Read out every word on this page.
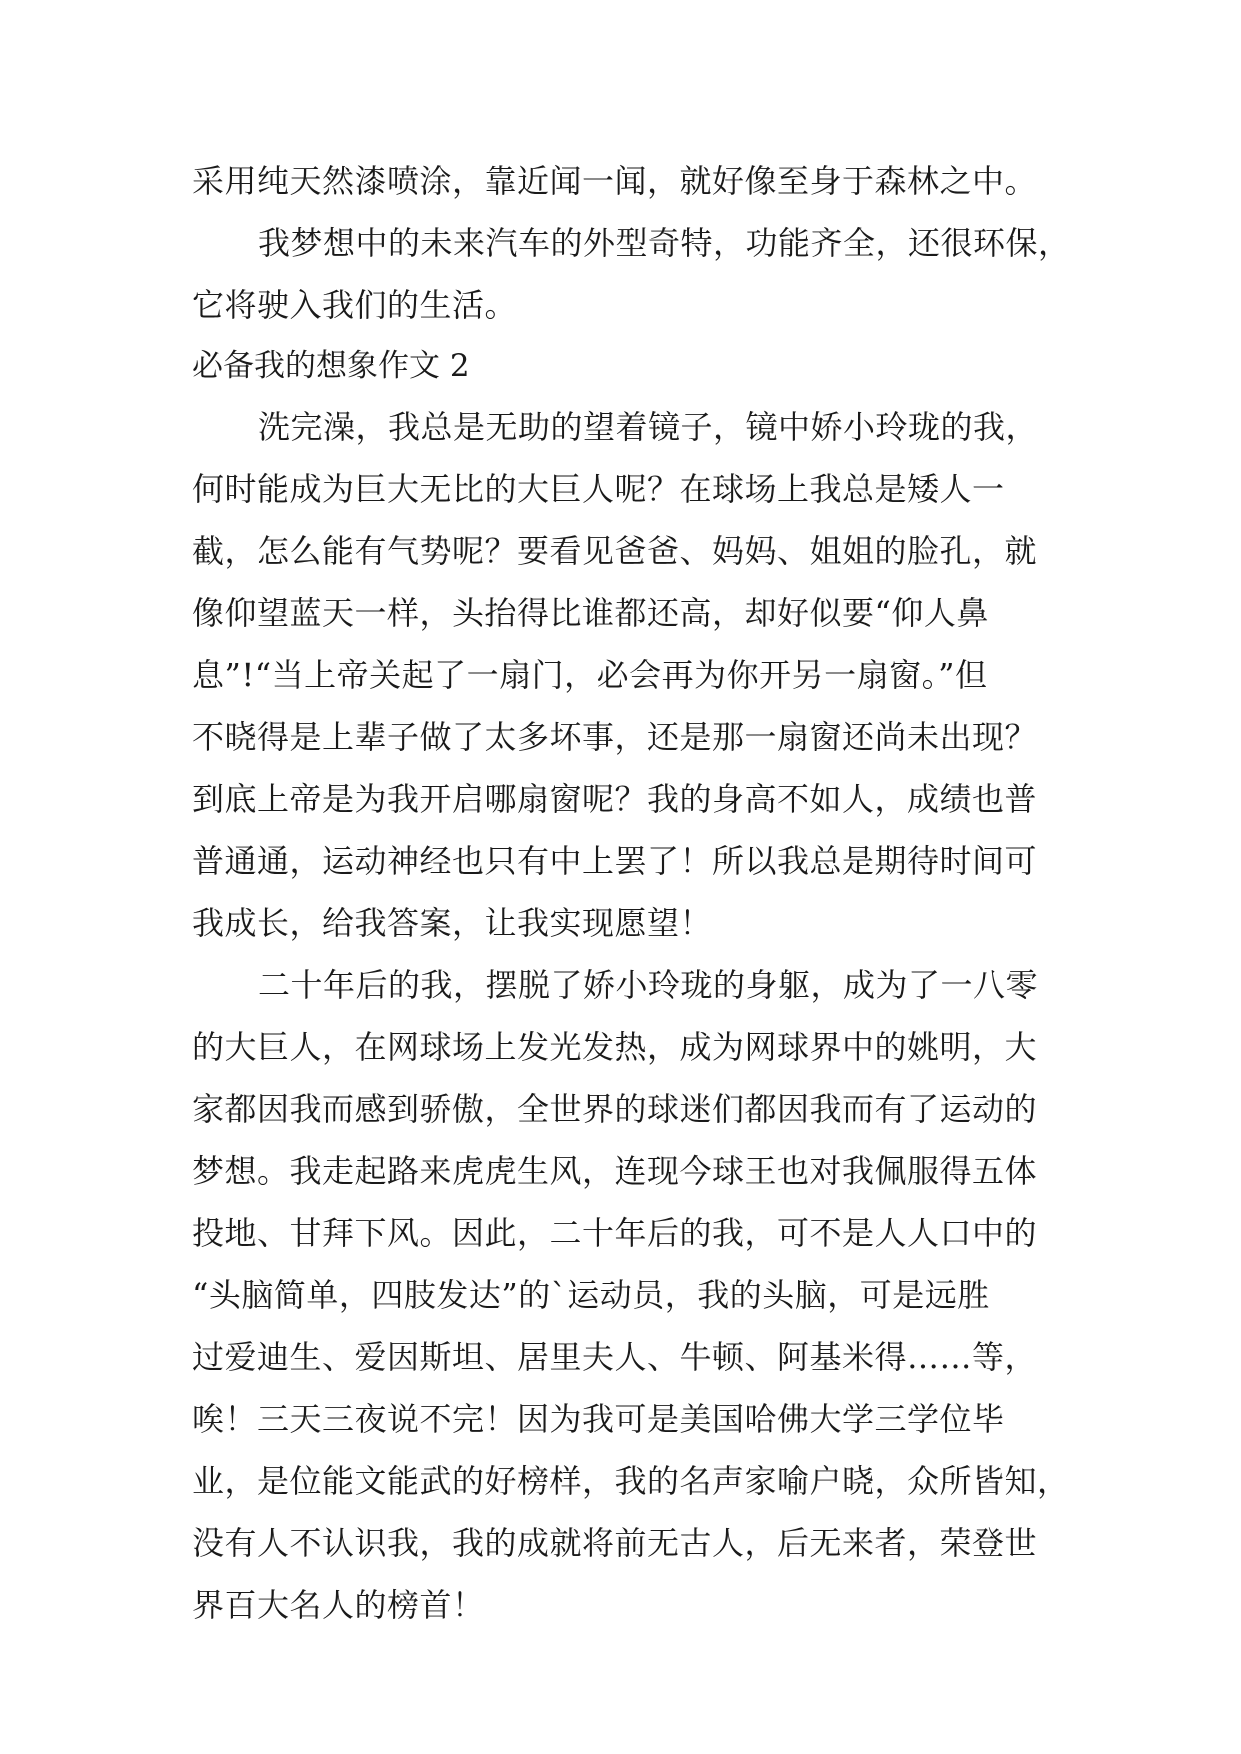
采用纯天然漆喷涂，靠近闻一闻，就好像至身于森林之中。
我梦想中的未来汽车的外型奇特，功能齐全，还很环保，
它将驶入我们的生活。
必备我的想象作文 2
洗完澡，我总是无助的望着镜子，镜中娇小玲珑的我，
何时能成为巨大无比的大巨人呢？在球场上我总是矮人一
截，怎么能有气势呢？要看见爸爸、妈妈、姐姐的脸孔，就
像仰望蓝天一样，头抬得比谁都还高，却好似要“仰人鼻
息”!“当上帝关起了一扇门，必会再为你开另一扇窗。”但
不晓得是上辈子做了太多坏事，还是那一扇窗还尚未出现？
到底上帝是为我开启哪扇窗呢？我的身高不如人，成绩也普
普通通，运动神经也只有中上罢了！所以我总是期待时间可
我成长，给我答案，让我实现愿望！
二十年后的我，摆脱了娇小玲珑的身躯，成为了一八零
的大巨人，在网球场上发光发热，成为网球界中的姚明，大
家都因我而感到骄傲，全世界的球迷们都因我而有了运动的
梦想。我走起路来虎虎生风，连现今球王也对我佩服得五体
投地、甘拜下风。因此，二十年后的我，可不是人人口中的
“头脑简单，四肢发达”的`运动员，我的头脑，可是远胜
过爱迪生、爱因斯坦、居里夫人、牛顿、阿基米得……等，
唉！三天三夜说不完！因为我可是美国哈佛大学三学位毕
业，是位能文能武的好榜样，我的名声家喻户晓，众所皆知，
没有人不认识我，我的成就将前无古人，后无来者，荣登世
界百大名人的榜首！
